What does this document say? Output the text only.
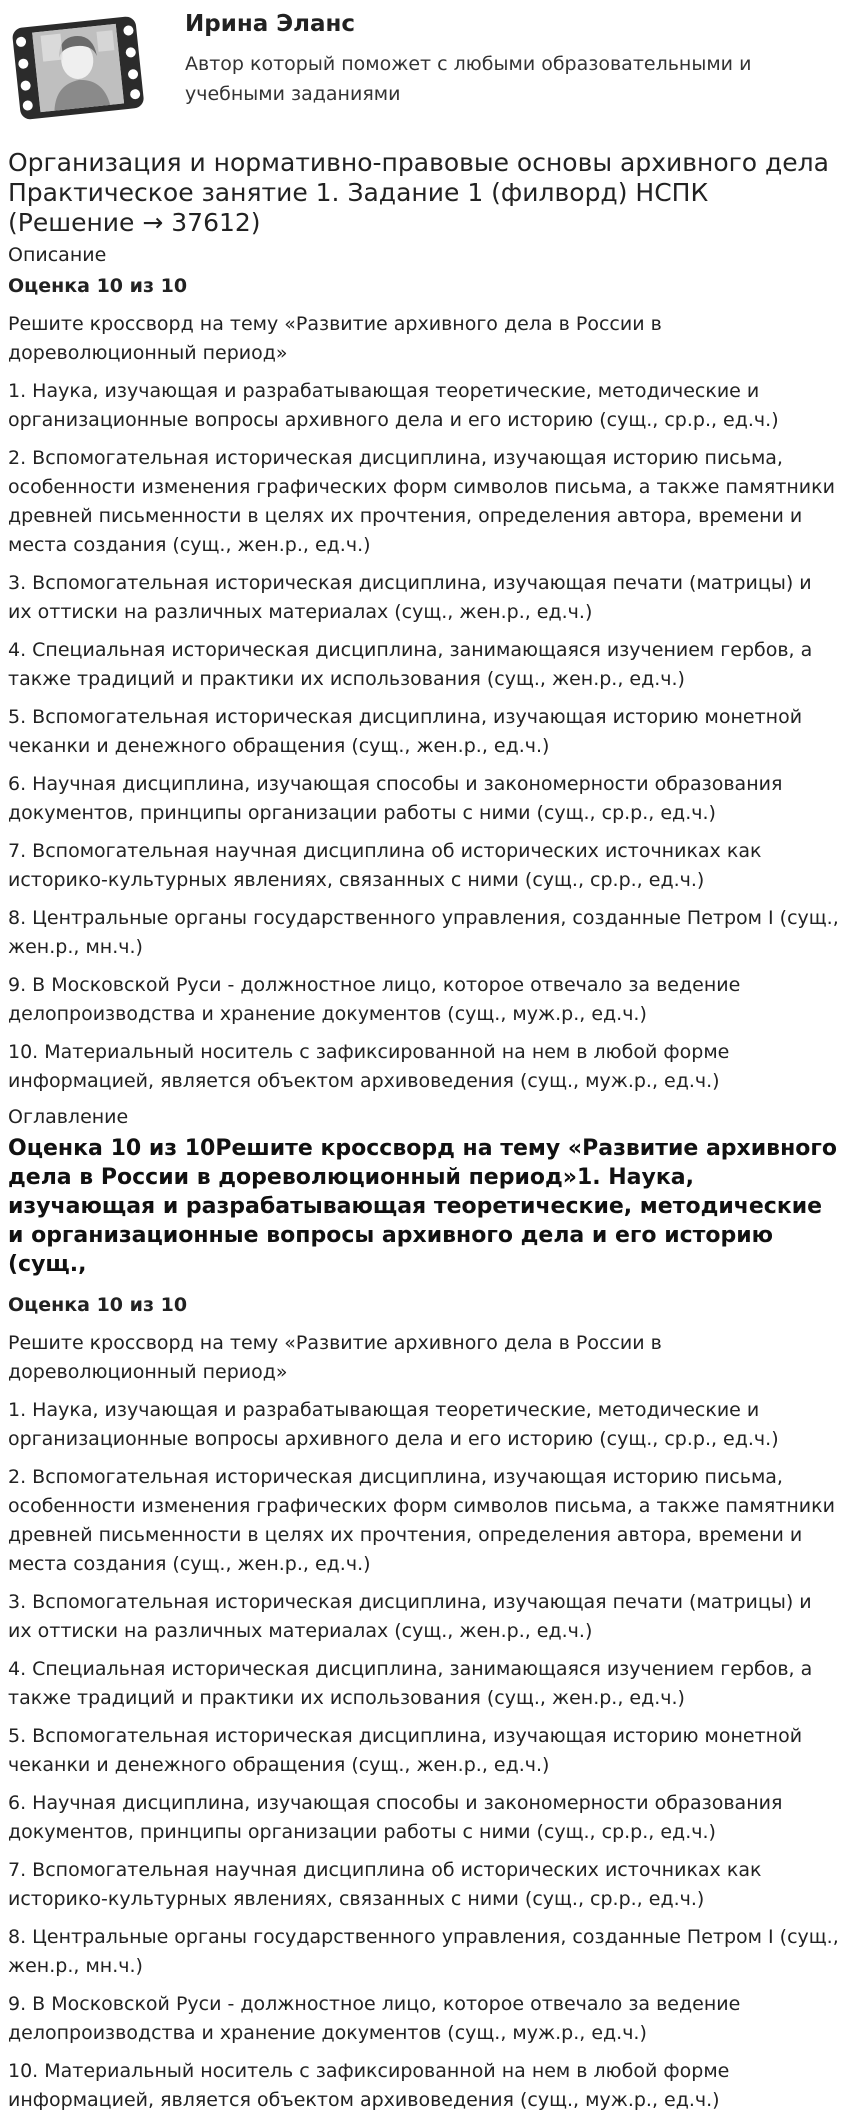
Ирина Эланс

Автор который поможет с любыми образовательными и учебными заданиями

Организация и нормативно-правовые основы архивного дела Практическое занятие 1. Задание 1 (филворд) НСПК (Решение → 37612)
Описание
Оценка 10 из 10

Решите кроссворд на тему «Развитие архивного дела в России в дореволюционный период»

1. Наука, изучающая и разрабатывающая теоретические, методические и организационные вопросы архивного дела и его историю (сущ., ср.р., ед.ч.)

2. Вспомогательная историческая дисциплина, изучающая историю письма, особенности изменения графических форм символов письма, а также памятники древней письменности в целях их прочтения, определения автора, времени и места создания (сущ., жен.р., ед.ч.)

3. Вспомогательная историческая дисциплина, изучающая печати (матрицы) и их оттиски на различных материалах (сущ., жен.р., ед.ч.)

4. Специальная историческая дисциплина, занимающаяся изучением гербов, а также традиций и практики их использования (сущ., жен.р., ед.ч.)

5. Вспомогательная историческая дисциплина, изучающая историю монетной чеканки и денежного обращения (сущ., жен.р., ед.ч.)

6. Научная дисциплина, изучающая способы и закономерности образования документов, принципы организации работы с ними (сущ., ср.р., ед.ч.)

7. Вспомогательная научная дисциплина об исторических источниках как историко-культурных явлениях, связанных с ними (сущ., ср.р., ед.ч.)

8. Центральные органы государственного управления, созданные Петром I (сущ., жен.р., мн.ч.)

9. В Московской Руси - должностное лицо, которое отвечало за ведение делопроизводства и хранение документов (сущ., муж.р., ед.ч.)

10. Материальный носитель с зафиксированной на нем в любой форме информацией, является объектом архивоведения (сущ., муж.р., ед.ч.)

Оглавление
Оценка 10 из 10Решите кроссворд на тему «Развитие архивного дела в России в дореволюционный период»1. Наука, изучающая и разрабатывающая теоретические, методические и организационные вопросы архивного дела и его историю (сущ.,
Оценка 10 из 10

Решите кроссворд на тему «Развитие архивного дела в России в дореволюционный период»

1. Наука, изучающая и разрабатывающая теоретические, методические и организационные вопросы архивного дела и его историю (сущ., ср.р., ед.ч.)

2. Вспомогательная историческая дисциплина, изучающая историю письма, особенности изменения графических форм символов письма, а также памятники древней письменности в целях их прочтения, определения автора, времени и места создания (сущ., жен.р., ед.ч.)

3. Вспомогательная историческая дисциплина, изучающая печати (матрицы) и их оттиски на различных материалах (сущ., жен.р., ед.ч.)

4. Специальная историческая дисциплина, занимающаяся изучением гербов, а также традиций и практики их использования (сущ., жен.р., ед.ч.)

5. Вспомогательная историческая дисциплина, изучающая историю монетной чеканки и денежного обращения (сущ., жен.р., ед.ч.)

6. Научная дисциплина, изучающая способы и закономерности образования документов, принципы организации работы с ними (сущ., ср.р., ед.ч.)

7. Вспомогательная научная дисциплина об исторических источниках как историко-культурных явлениях, связанных с ними (сущ., ср.р., ед.ч.)

8. Центральные органы государственного управления, созданные Петром I (сущ., жен.р., мн.ч.)

9. В Московской Руси - должностное лицо, которое отвечало за ведение делопроизводства и хранение документов (сущ., муж.р., ед.ч.)

10. Материальный носитель с зафиксированной на нем в любой форме информацией, является объектом архивоведения (сущ., муж.р., ед.ч.)
